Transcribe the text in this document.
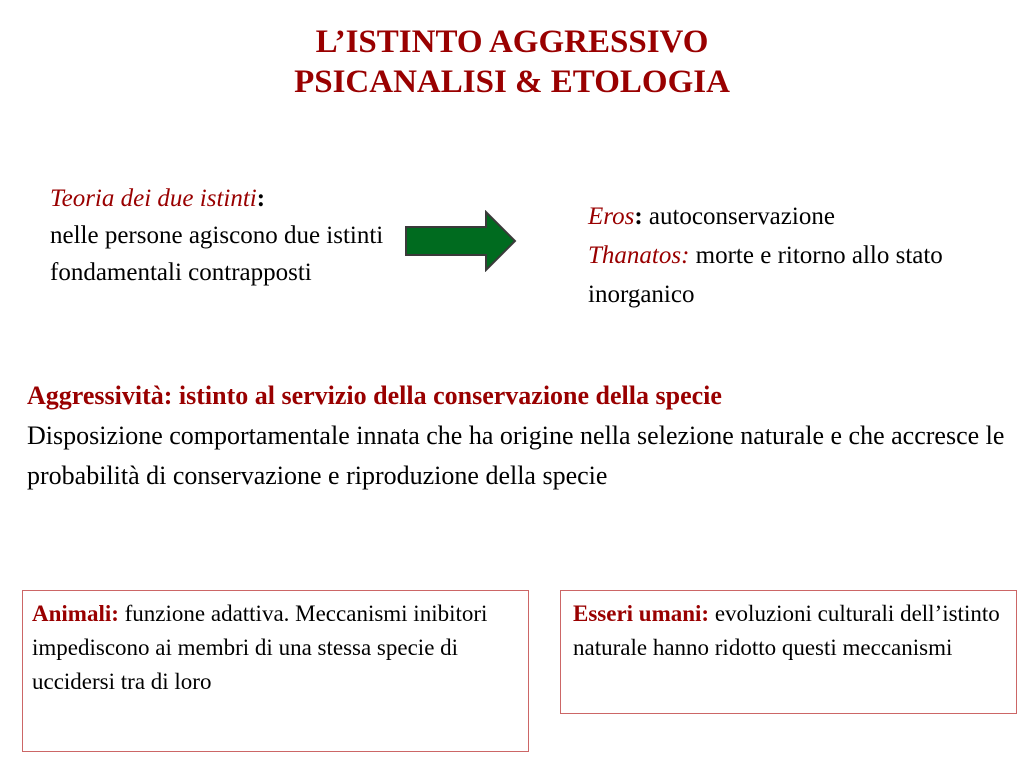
L’ISTINTO AGGRESSIVO
PSICANALISI & ETOLOGIA
Teoria dei due istinti:
nelle persone agiscono due istinti fondamentali contrapposti
Eros: autoconservazione
Thanatos: morte e ritorno allo stato inorganico
Aggressività: istinto al servizio della conservazione della specie
Disposizione comportamentale innata che ha origine nella selezione naturale e che accresce le probabilità di conservazione e riproduzione della specie
Animali: funzione adattiva. Meccanismi inibitori impediscono ai membri di una stessa specie di uccidersi tra di loro
Esseri umani: evoluzioni culturali dell’istinto naturale hanno ridotto questi meccanismi
